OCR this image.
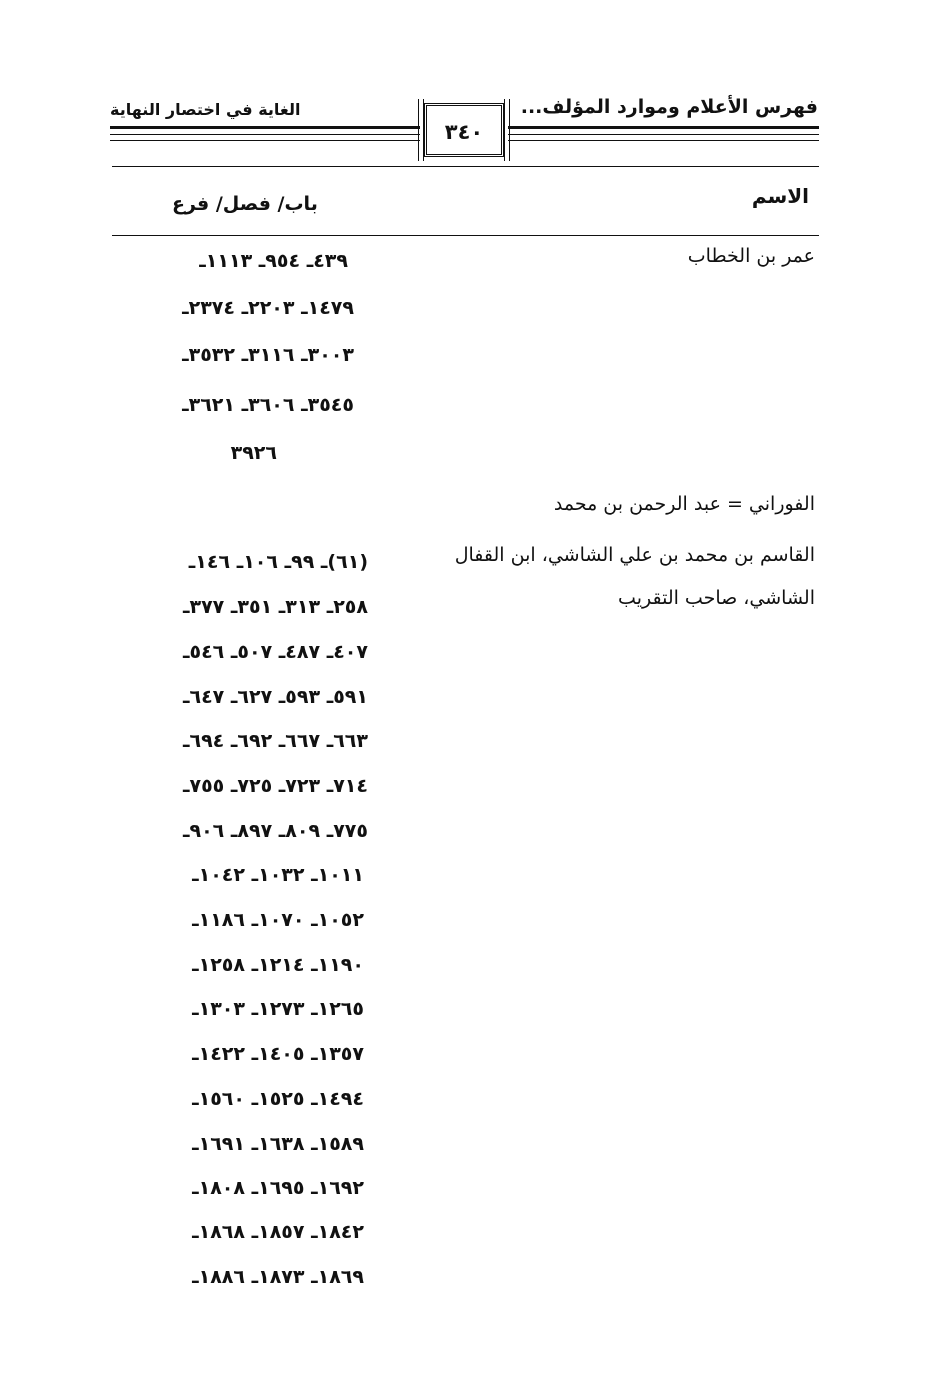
فهرس الأعلام وموارد المؤلف...
الغاية في اختصار النهاية
٣٤٠
الاسم
باب/ فصل/ فرع
عمر بن الخطاب
٤٣٩ـ ٩٥٤ـ ١١١٣ـ
١٤٧٩ـ ٢٢٠٣ـ ٢٣٧٤ـ
٣٠٠٣ـ ٣١١٦ـ ٣٥٣٢ـ
٣٥٤٥ـ ٣٦٠٦ـ ٣٦٢١ـ
٣٩٢٦
الفوراني = عبد الرحمن بن محمد
القاسم بن محمد بن علي الشاشي، ابن القفال
الشاشي، صاحب التقريب
(٦١)ـ ٩٩ـ ١٠٦ـ ١٤٦ـ
٢٥٨ـ ٣١٣ـ ٣٥١ـ ٣٧٧ـ
٤٠٧ـ ٤٨٧ـ ٥٠٧ـ ٥٤٦ـ
٥٩١ـ ٥٩٣ـ ٦٢٧ـ ٦٤٧ـ
٦٦٣ـ ٦٦٧ـ ٦٩٢ـ ٦٩٤ـ
٧١٤ـ ٧٢٣ـ ٧٢٥ـ ٧٥٥ـ
٧٧٥ـ ٨٠٩ـ ٨٩٧ـ ٩٠٦ـ
١٠١١ـ ١٠٣٢ـ ١٠٤٢ـ
١٠٥٢ـ ١٠٧٠ـ ١١٨٦ـ
١١٩٠ـ ١٢١٤ـ ١٢٥٨ـ
١٢٦٥ـ ١٢٧٣ـ ١٣٠٣ـ
١٣٥٧ـ ١٤٠٥ـ ١٤٢٢ـ
١٤٩٤ـ ١٥٢٥ـ ١٥٦٠ـ
١٥٨٩ـ ١٦٣٨ـ ١٦٩١ـ
١٦٩٢ـ ١٦٩٥ـ ١٨٠٨ـ
١٨٤٢ـ ١٨٥٧ـ ١٨٦٨ـ
١٨٦٩ـ ١٨٧٣ـ ١٨٨٦ـ
